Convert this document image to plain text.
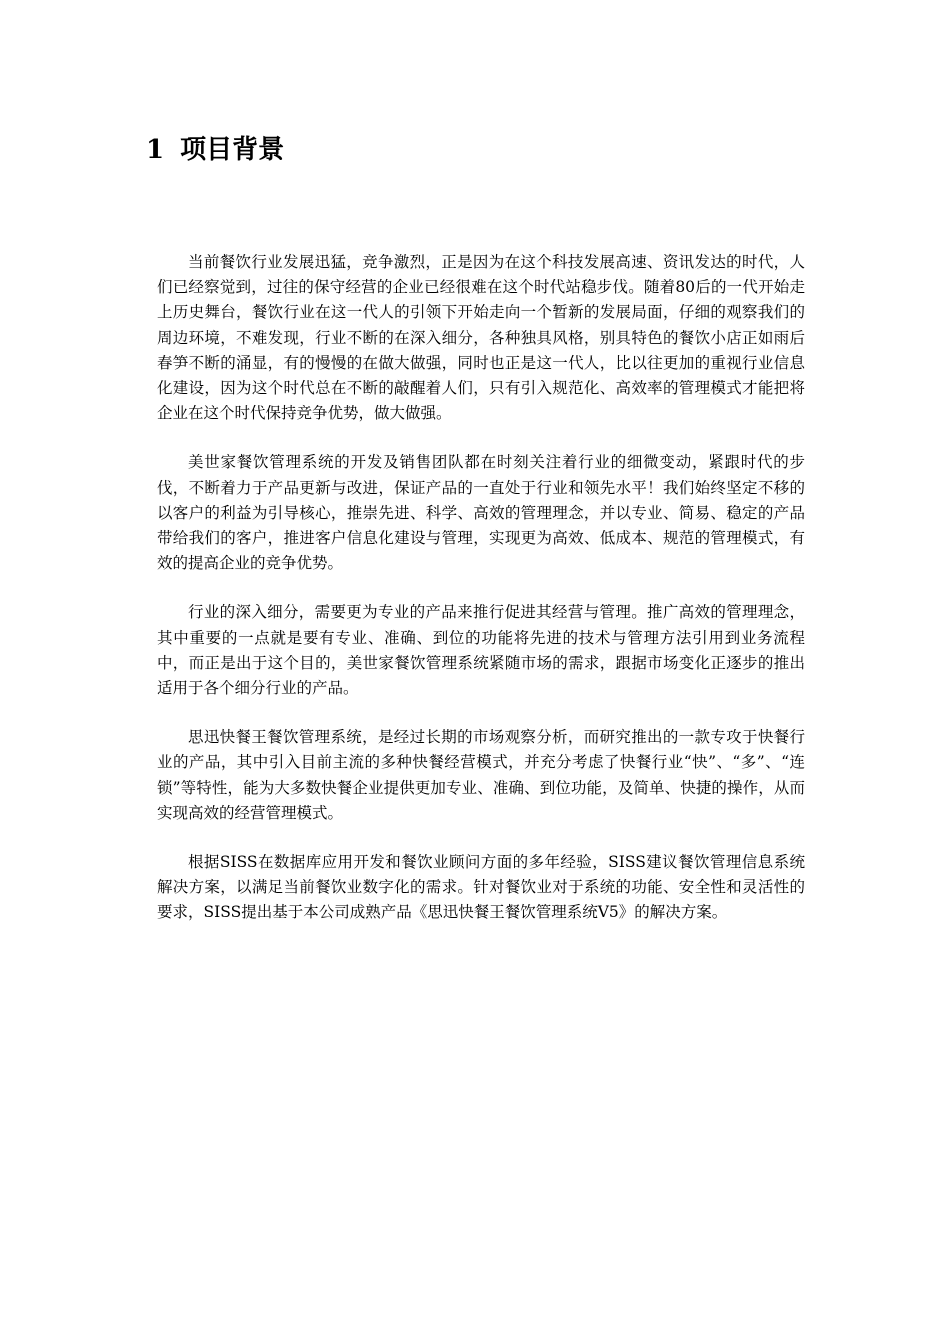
1 项目背景

当前餐饮行业发展迅猛，竞争激烈，正是因为在这个科技发展高速、资讯发达的时代，人们已经察觉到，过往的保守经营的企业已经很难在这个时代站稳步伐。随着80后的一代开始走上历史舞台，餐饮行业在这一代人的引领下开始走向一个暂新的发展局面，仔细的观察我们的周边环境，不难发现，行业不断的在深入细分，各种独具风格，别具特色的餐饮小店正如雨后春笋不断的涌显，有的慢慢的在做大做强，同时也正是这一代人，比以往更加的重视行业信息化建设，因为这个时代总在不断的敲醒着人们，只有引入规范化、高效率的管理模式才能把将企业在这个时代保持竞争优势，做大做强。

美世家餐饮管理系统的开发及销售团队都在时刻关注着行业的细微变动，紧跟时代的步伐，不断着力于产品更新与改进，保证产品的一直处于行业和领先水平！我们始终坚定不移的以客户的利益为引导核心，推崇先进、科学、高效的管理理念，并以专业、简易、稳定的产品带给我们的客户，推进客户信息化建设与管理，实现更为高效、低成本、规范的管理模式，有效的提高企业的竞争优势。

行业的深入细分，需要更为专业的产品来推行促进其经营与管理。推广高效的管理理念，其中重要的一点就是要有专业、准确、到位的功能将先进的技术与管理方法引用到业务流程中，而正是出于这个目的，美世家餐饮管理系统紧随市场的需求，跟据市场变化正逐步的推出适用于各个细分行业的产品。

思迅快餐王餐饮管理系统，是经过长期的市场观察分析，而研究推出的一款专攻于快餐行业的产品，其中引入目前主流的多种快餐经营模式，并充分考虑了快餐行业“快”、“多”、“连锁”等特性，能为大多数快餐企业提供更加专业、准确、到位功能，及简单、快捷的操作，从而实现高效的经营管理模式。

根据SISS在数据库应用开发和餐饮业顾问方面的多年经验，SISS建议餐饮管理信息系统解决方案，以满足当前餐饮业数字化的需求。针对餐饮业对于系统的功能、安全性和灵活性的要求，SISS提出基于本公司成熟产品《思迅快餐王餐饮管理系统V5》的解决方案。
